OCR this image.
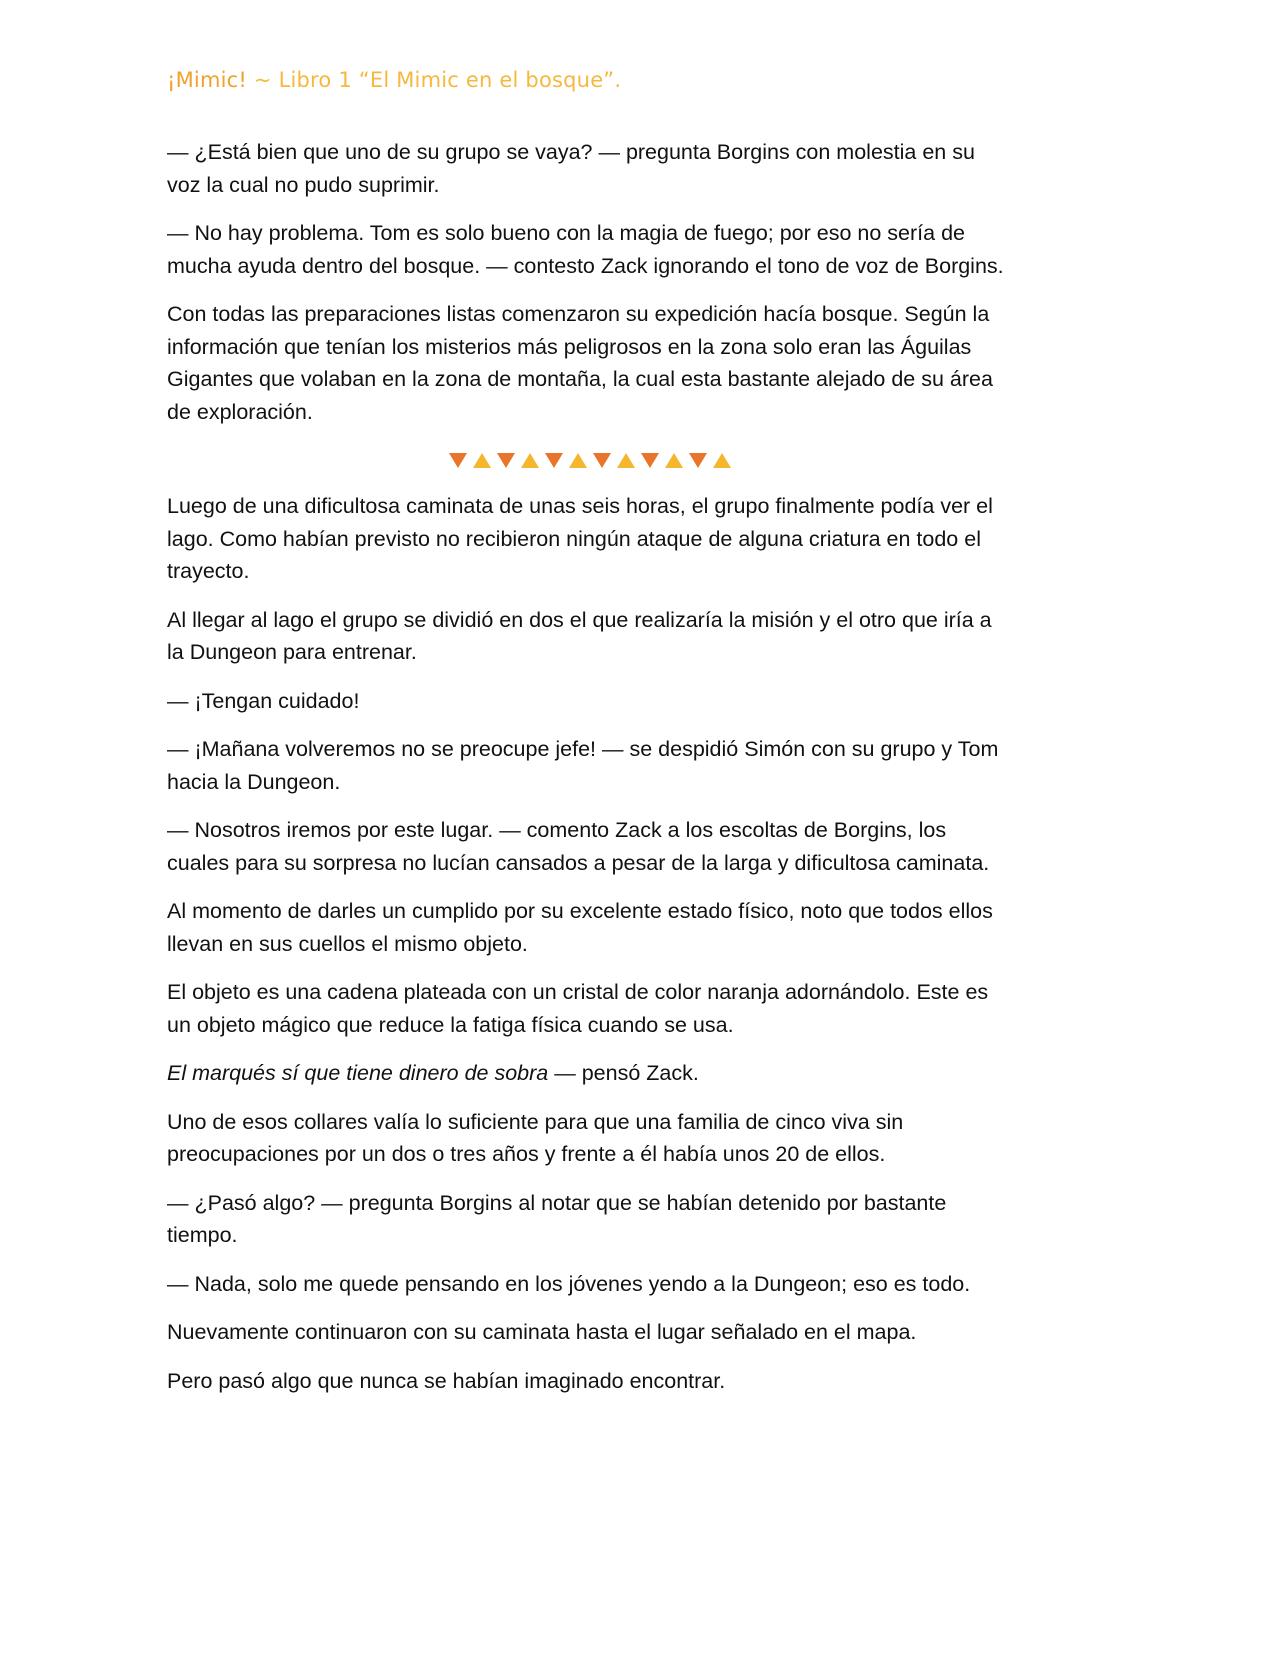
¡Mimic! ~ Libro 1 “El Mimic en el bosque”.

— ¿Está bien que uno de su grupo se vaya? — pregunta Borgins con molestia en su voz la cual no pudo suprimir.

— No hay problema. Tom es solo bueno con la magia de fuego; por eso no sería de mucha ayuda dentro del bosque. — contesto Zack ignorando el tono de voz de Borgins.

Con todas las preparaciones listas comenzaron su expedición hacía bosque. Según la información que tenían los misterios más peligrosos en la zona solo eran las Águilas Gigantes que volaban en la zona de montaña, la cual esta bastante alejado de su área de exploración.

Luego de una dificultosa caminata de unas seis horas, el grupo finalmente podía ver el lago. Como habían previsto no recibieron ningún ataque de alguna criatura en todo el trayecto.

Al llegar al lago el grupo se dividió en dos el que realizaría la misión y el otro que iría a la Dungeon para entrenar.

— ¡Tengan cuidado!

— ¡Mañana volveremos no se preocupe jefe! — se despidió Simón con su grupo y Tom hacia la Dungeon.

— Nosotros iremos por este lugar. — comento Zack a los escoltas de Borgins, los cuales para su sorpresa no lucían cansados a pesar de la larga y dificultosa caminata.

Al momento de darles un cumplido por su excelente estado físico, noto que todos ellos llevan en sus cuellos el mismo objeto.

El objeto es una cadena plateada con un cristal de color naranja adornándolo. Este es un objeto mágico que reduce la fatiga física cuando se usa.

El marqués sí que tiene dinero de sobra — pensó Zack.

Uno de esos collares valía lo suficiente para que una familia de cinco viva sin preocupaciones por un dos o tres años y frente a él había unos 20 de ellos.

— ¿Pasó algo? — pregunta Borgins al notar que se habían detenido por bastante tiempo.

— Nada, solo me quede pensando en los jóvenes yendo a la Dungeon; eso es todo.

Nuevamente continuaron con su caminata hasta el lugar señalado en el mapa.

Pero pasó algo que nunca se habían imaginado encontrar.
